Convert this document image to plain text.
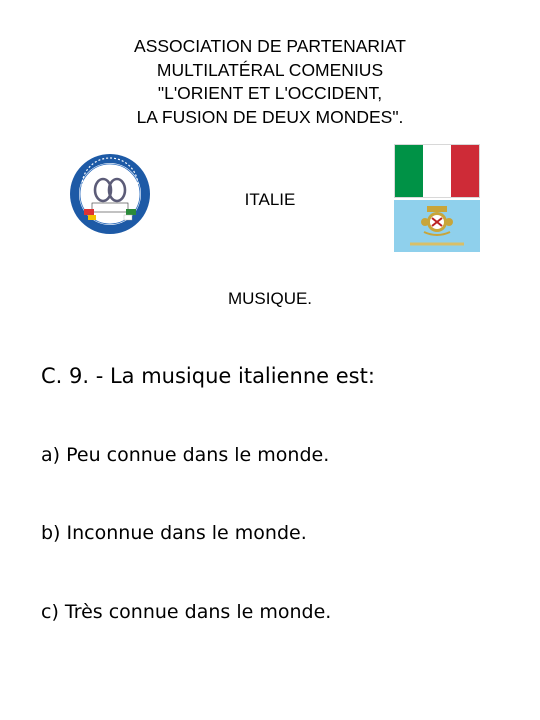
ASSOCIATION DE PARTENARIAT
MULTILATÉRAL COMENIUS
"L'ORIENT ET L'OCCIDENT,
LA FUSION DE DEUX MONDES".
ITALIE
MUSIQUE.
C. 9. - La musique italienne est:
a) Peu connue dans le monde.
b) Inconnue dans le monde.
c) Très connue dans le monde.
